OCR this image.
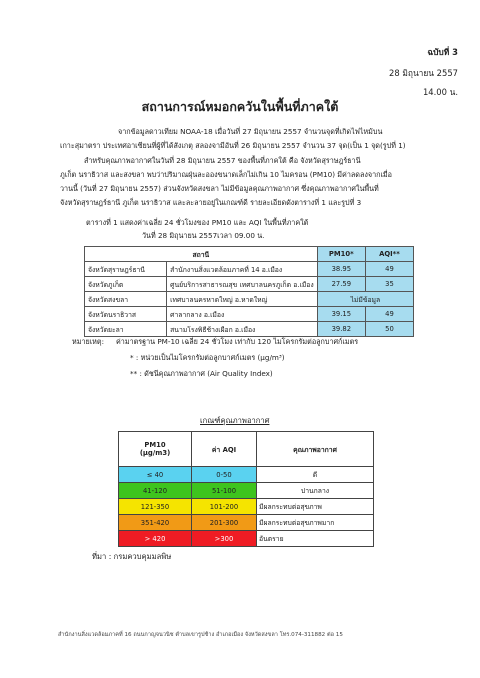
ฉบับที่ 3
28 มิถุนายน 2557
14.00 น.
สถานการณ์หมอกควันในพื้นที่ภาคใต้
จากข้อมูลดาวเทียม NOAA-18 เมื่อวันที่ 27 มิถุนายน 2557 จำนวนจุดที่เกิดไฟไหม้บน
เกาะสุมาตรา ประเทศอาเซียนที่ผู้ที่ได้สังเกตุ สลองจามีอันที่ 26 มิถุนายน 2557 จำนวน 37 จุด(เป็น 1 จุด(รูปที่ 1)
สำหรับคุณภาพอากาศในวันที่ 28 มิถุนายน 2557 ของพื้นที่ภาคใต้ คือ จังหวัดสุราษฎร์ธานี
ภูเก็ต นราธิวาส และสงขลา พบว่าปริมาณฝุ่นละอองขนาดเล็กไม่เกิน 10 ไมครอน (PM10) มีค่าลดลงจากเมื่อ
วานนี้ (วันที่ 27 มิถุนายน 2557) ส่วนจังหวัดสงขลา ไม่มีข้อมูลคุณภาพอากาศ ซึ่งคุณภาพอากาศในพื้นที่
จังหวัดสุราษฎร์ธานี ภูเก็ต นราธิวาส และละลายอยู่ในเกณฑ์ดี รายละเอียดดังตารางที่ 1 และรูปที่ 3
ตารางที่ 1 แสดงค่าเฉลี่ย 24 ชั่วโมงของ PM10 และ AQI ในพื้นที่ภาคใต้
วันที่ 28 มิถุนายน 2557เวลา 09.00 น.
สถานี		PM10*	AQI**
จังหวัดสุราษฎร์ธานี	สำนักงานสิ่งแวดล้อมภาคที่ 14 อ.เมือง	38.95	49
จังหวัดภูเก็ต	ศูนย์บริการสาธารณสุข เทศบาลนครภูเก็ต อ.เมือง	27.59	35
จังหวัดสงขลา	เทศบาลนครหาดใหญ่ อ.หาดใหญ่	ไม่มีข้อมูล	
จังหวัดนราธิวาส	ศาลากลาง อ.เมือง	39.15	49
จังหวัดยะลา	สนามโรงพิธีช้างเผือก อ.เมือง	39.82	50
หมายเหตุ: ค่ามาตรฐาน PM-10 เฉลี่ย 24 ชั่วโมง เท่ากับ 120 ไมโครกรัมต่อลูกบาศก์เมตร
* : หน่วยเป็นไมโครกรัมต่อลูกบาศก์เมตร (μg/m³)
** : ดัชนีคุณภาพอากาศ (Air Quality Index)
เกณฑ์คุณภาพอากาศ
PM10
(μg/m3)	ค่า AQI	คุณภาพอากาศ
≤ 40	0-50	ดี
41-120	51-100	ปานกลาง
121-350	101-200	มีผลกระทบต่อสุขภาพ
351-420	201-300	มีผลกระทบต่อสุขภาพมาก
> 420	>300	อันตราย
ที่มา : กรมควบคุมมลพิษ
สำนักงานสิ่งแวดล้อมภาคที่ 16 ถนนกาญจนวนิช ตำบลเขารูปช้าง อำเภอเมือง จังหวัดสงขลา โทร.074-311882 ต่อ 15
